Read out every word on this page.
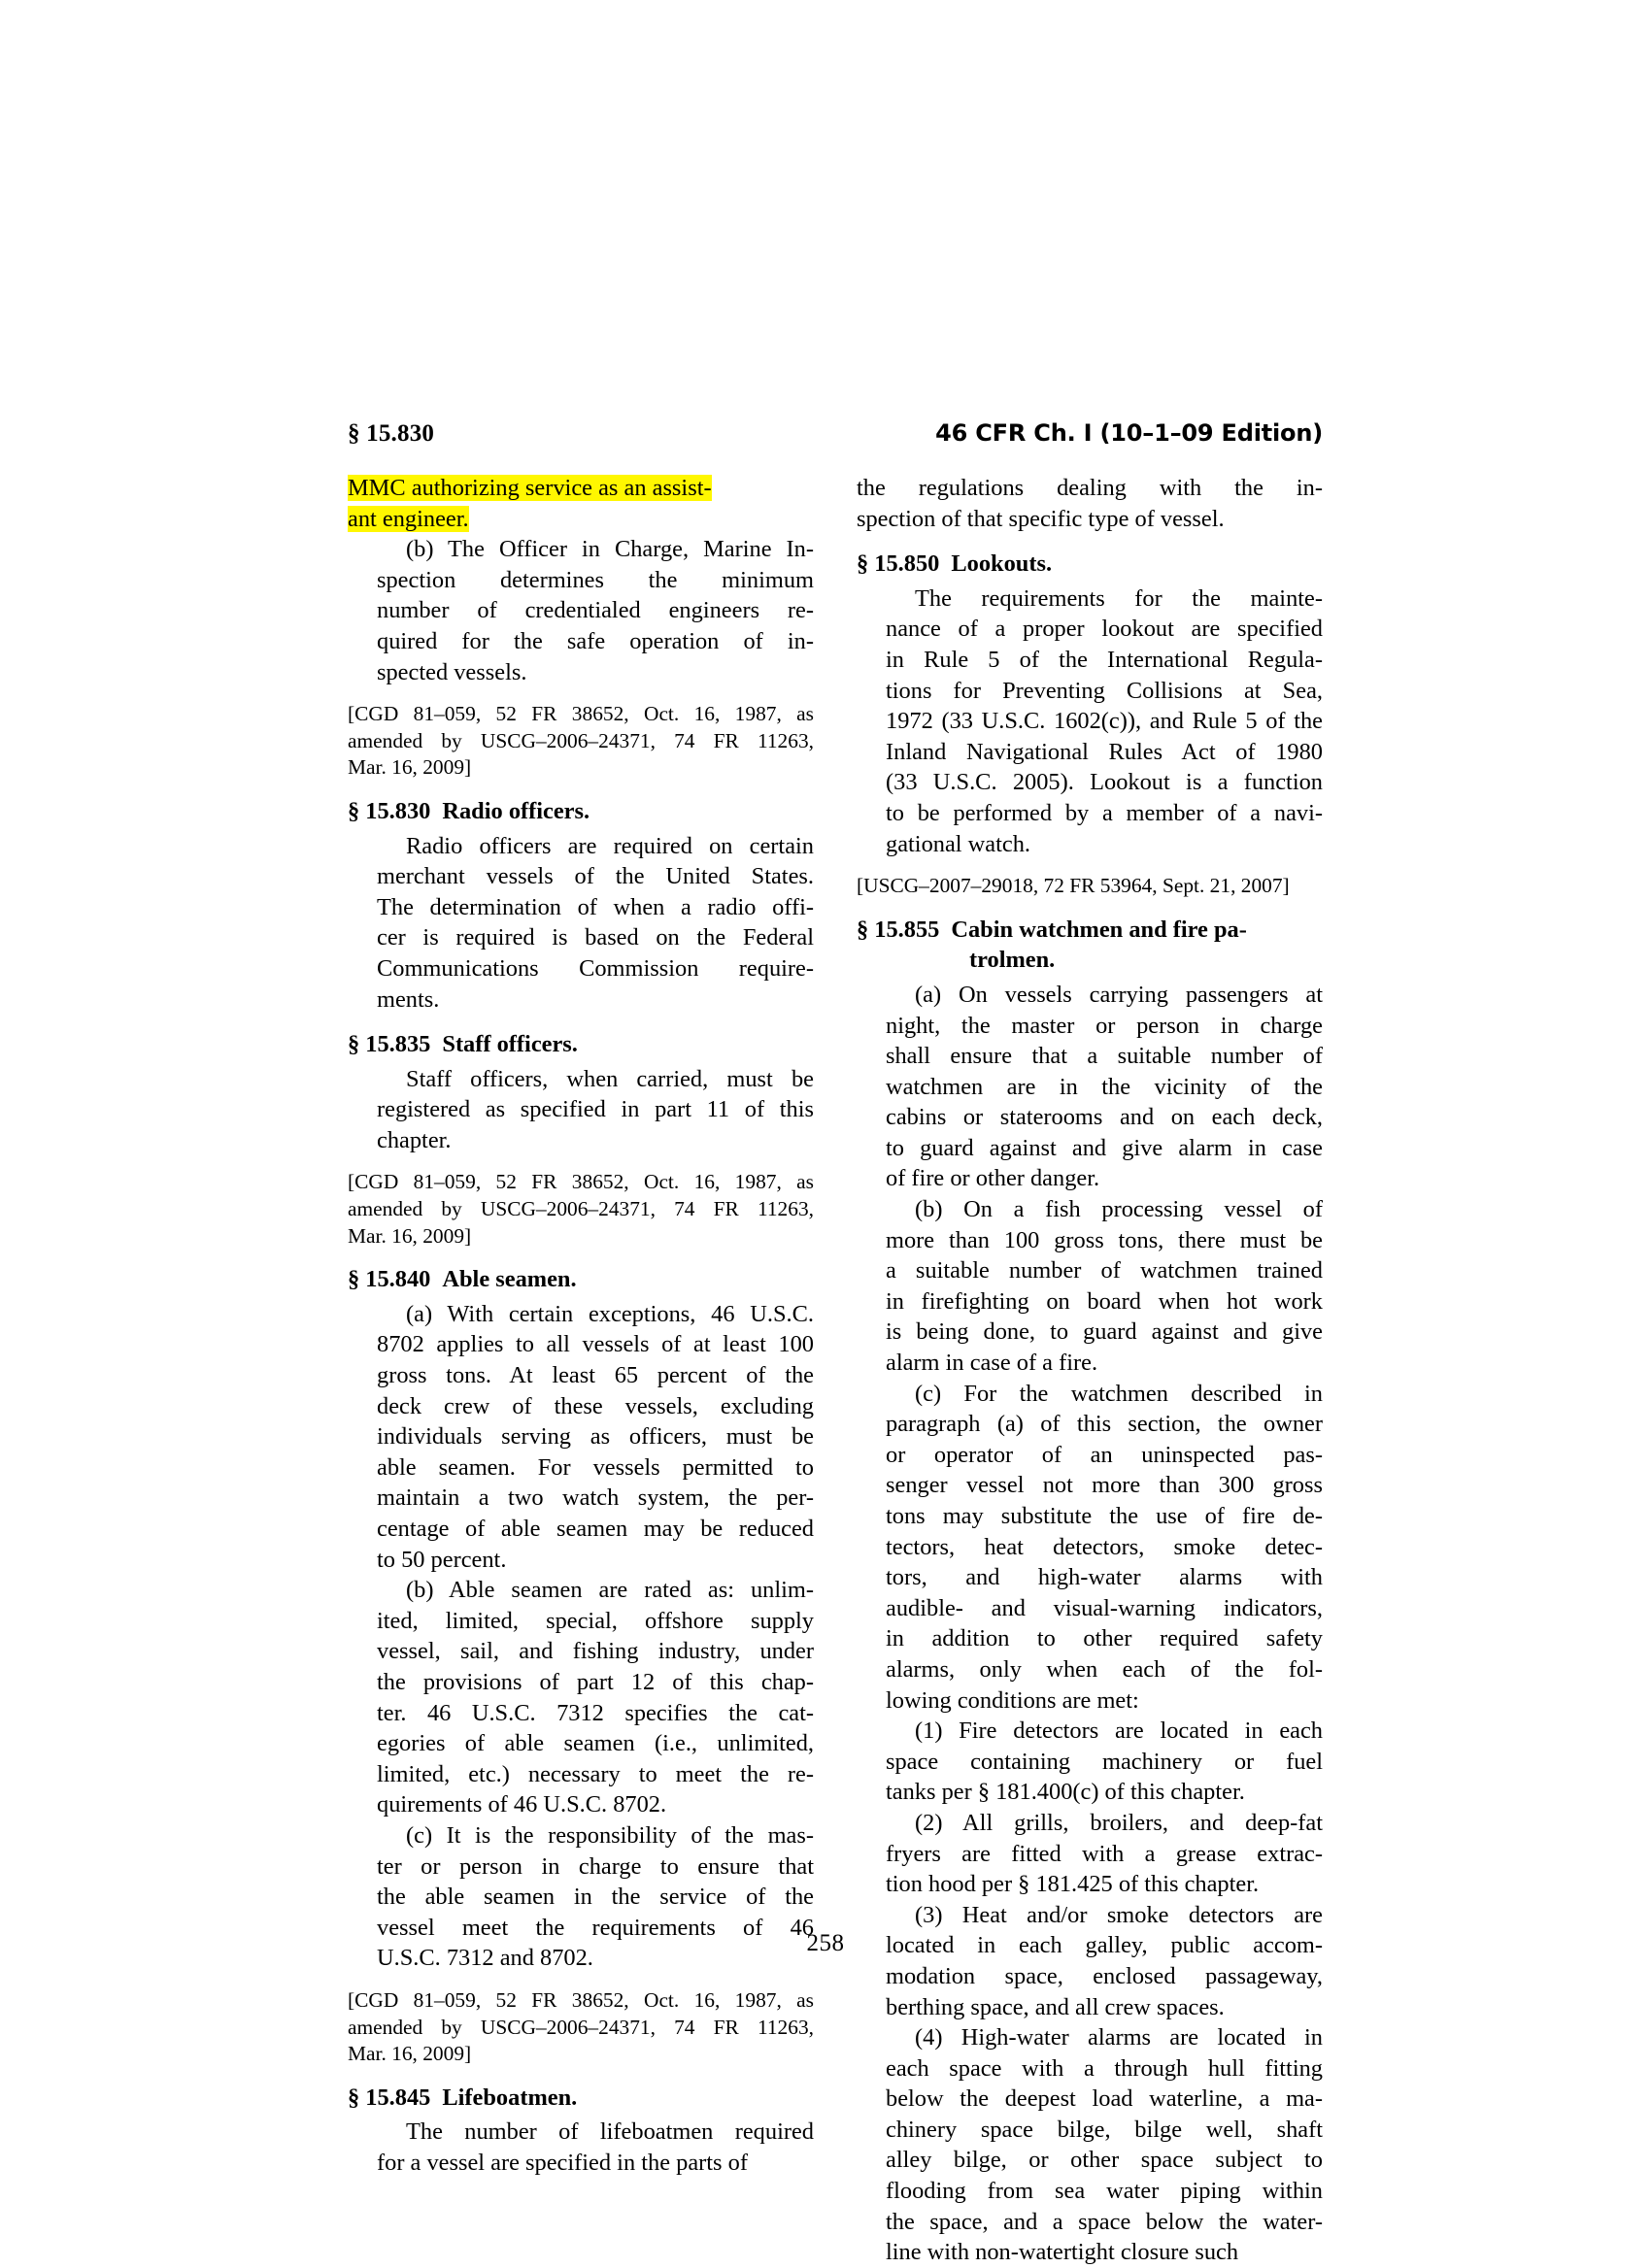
§ 15.830	46 CFR Ch. I (10–1–09 Edition)

MMC authorizing service as an assist-
ant engineer.

(b) The Officer in Charge, Marine In-
spection determines the minimum
number of credentialed engineers re-
quired for the safe operation of in-
spected vessels.

[CGD 81–059, 52 FR 38652, Oct. 16, 1987, as
amended by USCG–2006–24371, 74 FR 11263,
Mar. 16, 2009]

§ 15.830 Radio officers.

Radio officers are required on certain
merchant vessels of the United States.
The determination of when a radio offi-
cer is required is based on the Federal
Communications Commission require-
ments.

§ 15.835 Staff officers.

Staff officers, when carried, must be
registered as specified in part 11 of this
chapter.

[CGD 81–059, 52 FR 38652, Oct. 16, 1987, as
amended by USCG–2006–24371, 74 FR 11263,
Mar. 16, 2009]

§ 15.840 Able seamen.

(a) With certain exceptions, 46 U.S.C.
8702 applies to all vessels of at least 100
gross tons. At least 65 percent of the
deck crew of these vessels, excluding
individuals serving as officers, must be
able seamen. For vessels permitted to
maintain a two watch system, the per-
centage of able seamen may be reduced
to 50 percent.

(b) Able seamen are rated as: unlim-
ited, limited, special, offshore supply
vessel, sail, and fishing industry, under
the provisions of part 12 of this chap-
ter. 46 U.S.C. 7312 specifies the cat-
egories of able seamen (i.e., unlimited,
limited, etc.) necessary to meet the re-
quirements of 46 U.S.C. 8702.

(c) It is the responsibility of the mas-
ter or person in charge to ensure that
the able seamen in the service of the
vessel meet the requirements of 46
U.S.C. 7312 and 8702.

[CGD 81–059, 52 FR 38652, Oct. 16, 1987, as
amended by USCG–2006–24371, 74 FR 11263,
Mar. 16, 2009]

§ 15.845 Lifeboatmen.

The number of lifeboatmen required
for a vessel are specified in the parts of

the regulations dealing with the in-
spection of that specific type of vessel.

§ 15.850 Lookouts.

The requirements for the mainte-
nance of a proper lookout are specified
in Rule 5 of the International Regula-
tions for Preventing Collisions at Sea,
1972 (33 U.S.C. 1602(c)), and Rule 5 of the
Inland Navigational Rules Act of 1980
(33 U.S.C. 2005). Lookout is a function
to be performed by a member of a navi-
gational watch.

[USCG–2007–29018, 72 FR 53964, Sept. 21, 2007]

§ 15.855 Cabin watchmen and fire pa-
trolmen.

(a) On vessels carrying passengers at
night, the master or person in charge
shall ensure that a suitable number of
watchmen are in the vicinity of the
cabins or staterooms and on each deck,
to guard against and give alarm in case
of fire or other danger.

(b) On a fish processing vessel of
more than 100 gross tons, there must be
a suitable number of watchmen trained
in firefighting on board when hot work
is being done, to guard against and give
alarm in case of a fire.

(c) For the watchmen described in
paragraph (a) of this section, the owner
or operator of an uninspected pas-
senger vessel not more than 300 gross
tons may substitute the use of fire de-
tectors, heat detectors, smoke detec-
tors, and high-water alarms with
audible- and visual-warning indicators,
in addition to other required safety
alarms, only when each of the fol-
lowing conditions are met:

(1) Fire detectors are located in each
space containing machinery or fuel
tanks per § 181.400(c) of this chapter.

(2) All grills, broilers, and deep-fat
fryers are fitted with a grease extrac-
tion hood per § 181.425 of this chapter.

(3) Heat and/or smoke detectors are
located in each galley, public accom-
modation space, enclosed passageway,
berthing space, and all crew spaces.

(4) High-water alarms are located in
each space with a through hull fitting
below the deepest load waterline, a ma-
chinery space bilge, bilge well, shaft
alley bilge, or other space subject to
flooding from sea water piping within
the space, and a space below the water-
line with non-watertight closure such

258
